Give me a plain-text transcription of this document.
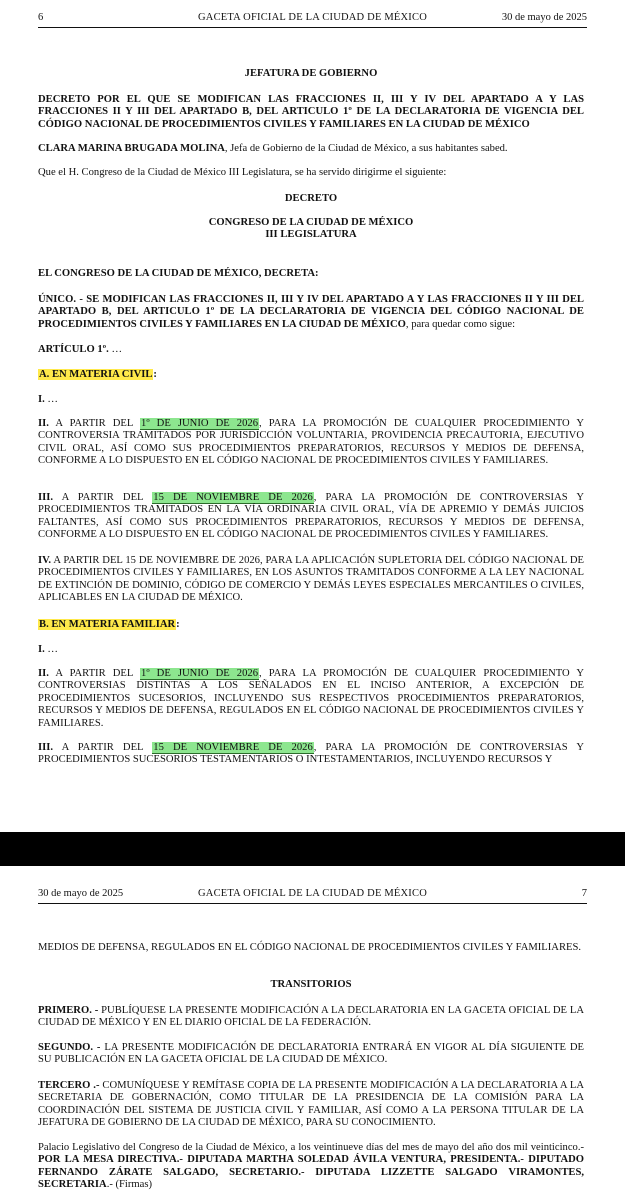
6	GACETA OFICIAL DE LA CIUDAD DE MÉXICO	30 de mayo de 2025
JEFATURA DE GOBIERNO
DECRETO POR EL QUE SE MODIFICAN LAS FRACCIONES II, III Y IV DEL APARTADO A Y LAS FRACCIONES II Y III DEL APARTADO B, DEL ARTICULO 1º DE LA DECLARATORIA DE VIGENCIA DEL CÓDIGO NACIONAL DE PROCEDIMIENTOS CIVILES Y FAMILIARES EN LA CIUDAD DE MÉXICO
CLARA MARINA BRUGADA MOLINA, Jefa de Gobierno de la Ciudad de México, a sus habitantes sabed.
Que el H. Congreso de la Ciudad de México III Legislatura, se ha servido dirigirme el siguiente:
DECRETO
CONGRESO DE LA CIUDAD DE MÉXICO
III LEGISLATURA
EL CONGRESO DE LA CIUDAD DE MÉXICO, DECRETA:
ÚNICO. - SE MODIFICAN LAS FRACCIONES II, III Y IV DEL APARTADO A Y LAS FRACCIONES II Y III DEL APARTADO B, DEL ARTICULO 1º DE LA DECLARATORIA DE VIGENCIA DEL CÓDIGO NACIONAL DE PROCEDIMIENTOS CIVILES Y FAMILIARES EN LA CIUDAD DE MÉXICO, para quedar como sigue:
ARTÍCULO 1º. …
A. EN MATERIA CIVIL:
I. …
II. A PARTIR DEL 1º DE JUNIO DE 2026, PARA LA PROMOCIÓN DE CUALQUIER PROCEDIMIENTO Y CONTROVERSIA TRAMITADOS POR JURISDICCIÓN VOLUNTARIA, PROVIDENCIA PRECAUTORIA, EJECUTIVO CIVIL ORAL, ASÍ COMO SUS PROCEDIMIENTOS PREPARATORIOS, RECURSOS Y MEDIOS DE DEFENSA, CONFORME A LO DISPUESTO EN EL CÓDIGO NACIONAL DE PROCEDIMIENTOS CIVILES Y FAMILIARES.
III. A PARTIR DEL 15 DE NOVIEMBRE DE 2026, PARA LA PROMOCIÓN DE CONTROVERSIAS Y PROCEDIMIENTOS TRAMITADOS EN LA VÍA ORDINARIA CIVIL ORAL, VÍA DE APREMIO Y DEMÁS JUICIOS FALTANTES, ASÍ COMO SUS PROCEDIMIENTOS PREPARATORIOS, RECURSOS Y MEDIOS DE DEFENSA, CONFORME A LO DISPUESTO EN EL CÓDIGO NACIONAL DE PROCEDIMIENTOS CIVILES Y FAMILIARES.
IV. A PARTIR DEL 15 DE NOVIEMBRE DE 2026, PARA LA APLICACIÓN SUPLETORIA DEL CÓDIGO NACIONAL DE PROCEDIMIENTOS CIVILES Y FAMILIARES, EN LOS ASUNTOS TRAMITADOS CONFORME A LA LEY NACIONAL DE EXTINCIÓN DE DOMINIO, CÓDIGO DE COMERCIO Y DEMÁS LEYES ESPECIALES MERCANTILES O CIVILES, APLICABLES EN LA CIUDAD DE MÉXICO.
B. EN MATERIA FAMILIAR:
I. …
II. A PARTIR DEL 1º DE JUNIO DE 2026, PARA LA PROMOCIÓN DE CUALQUIER PROCEDIMIENTO Y CONTROVERSIAS DISTINTAS A LOS SEÑALADOS EN EL INCISO ANTERIOR, A EXCEPCIÓN DE PROCEDIMIENTOS SUCESORIOS, INCLUYENDO SUS RESPECTIVOS PROCEDIMIENTOS PREPARATORIOS, RECURSOS Y MEDIOS DE DEFENSA, REGULADOS EN EL CÓDIGO NACIONAL DE PROCEDIMIENTOS CIVILES Y FAMILIARES.
III. A PARTIR DEL 15 DE NOVIEMBRE DE 2026, PARA LA PROMOCIÓN DE CONTROVERSIAS Y PROCEDIMIENTOS SUCESORIOS TESTAMENTARIOS O INTESTAMENTARIOS, INCLUYENDO RECURSOS Y
30 de mayo de 2025	GACETA OFICIAL DE LA CIUDAD DE MÉXICO	7
MEDIOS DE DEFENSA, REGULADOS EN EL CÓDIGO NACIONAL DE PROCEDIMIENTOS CIVILES Y FAMILIARES.
TRANSITORIOS
PRIMERO. - PUBLÍQUESE LA PRESENTE MODIFICACIÓN A LA DECLARATORIA EN LA GACETA OFICIAL DE LA CIUDAD DE MÉXICO Y EN EL DIARIO OFICIAL DE LA FEDERACIÓN.
SEGUNDO. - LA PRESENTE MODIFICACIÓN DE DECLARATORIA ENTRARÁ EN VIGOR AL DÍA SIGUIENTE DE SU PUBLICACIÓN EN LA GACETA OFICIAL DE LA CIUDAD DE MÉXICO.
TERCERO .- COMUNÍQUESE Y REMÍTASE COPIA DE LA PRESENTE MODIFICACIÓN A LA DECLARATORIA A LA SECRETARIA DE GOBERNACIÓN, COMO TITULAR DE LA PRESIDENCIA DE LA COMISIÓN PARA LA COORDINACIÓN DEL SISTEMA DE JUSTICIA CIVIL Y FAMILIAR, ASÍ COMO A LA PERSONA TITULAR DE LA JEFATURA DE GOBIERNO DE LA CIUDAD DE MÉXICO, PARA SU CONOCIMIENTO.
Palacio Legislativo del Congreso de la Ciudad de México, a los veintinueve días del mes de mayo del año dos mil veinticinco.- POR LA MESA DIRECTIVA.- DIPUTADA MARTHA SOLEDAD ÁVILA VENTURA, PRESIDENTA.- DIPUTADO FERNANDO ZÁRATE SALGADO, SECRETARIO.- DIPUTADA LIZZETTE SALGADO VIRAMONTES, SECRETARIA.- (Firmas)
